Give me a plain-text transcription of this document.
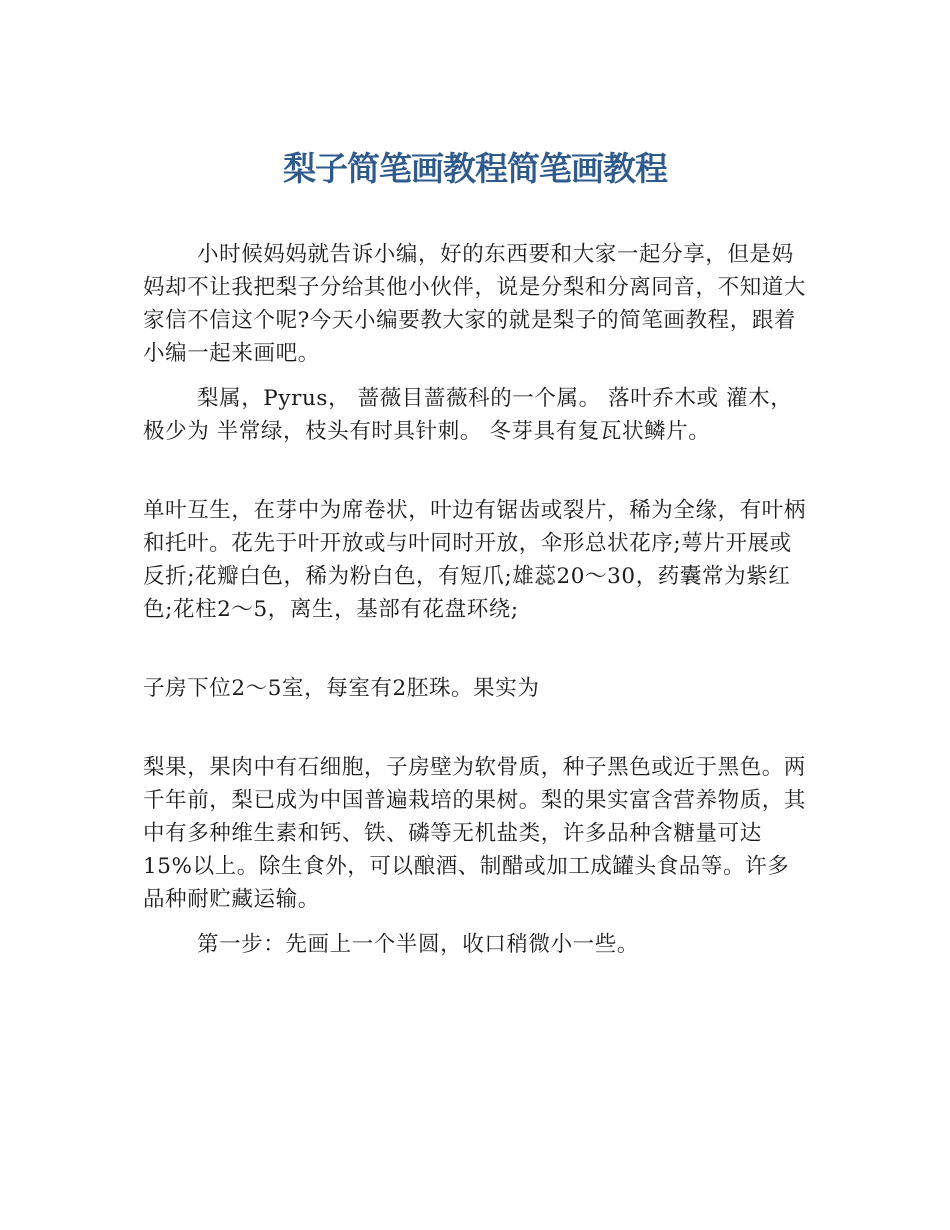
梨子简笔画教程简笔画教程

小时候妈妈就告诉小编，好的东西要和大家一起分享，但是妈妈却不让我把梨子分给其他小伙伴，说是分梨和分离同音，不知道大家信不信这个呢?今天小编要教大家的就是梨子的简笔画教程，跟着小编一起来画吧。

梨属，Pyrus， 蔷薇目蔷薇科的一个属。 落叶乔木或 灌木，极少为 半常绿，枝头有时具针刺。 冬芽具有复瓦状鳞片。

单叶互生，在芽中为席卷状，叶边有锯齿或裂片，稀为全缘，有叶柄和托叶。花先于叶开放或与叶同时开放，伞形总状花序;萼片开展或反折;花瓣白色，稀为粉白色，有短爪;雄蕊20～30，药囊常为紫红色;花柱2～5，离生，基部有花盘环绕;

子房下位2～5室，每室有2胚珠。果实为

梨果，果肉中有石细胞，子房壁为软骨质，种子黑色或近于黑色。两千年前，梨已成为中国普遍栽培的果树。梨的果实富含营养物质，其中有多种维生素和钙、铁、磷等无机盐类，许多品种含糖量可达15%以上。除生食外，可以酿酒、制醋或加工成罐头食品等。许多品种耐贮藏运输。

第一步：先画上一个半圆，收口稍微小一些。
